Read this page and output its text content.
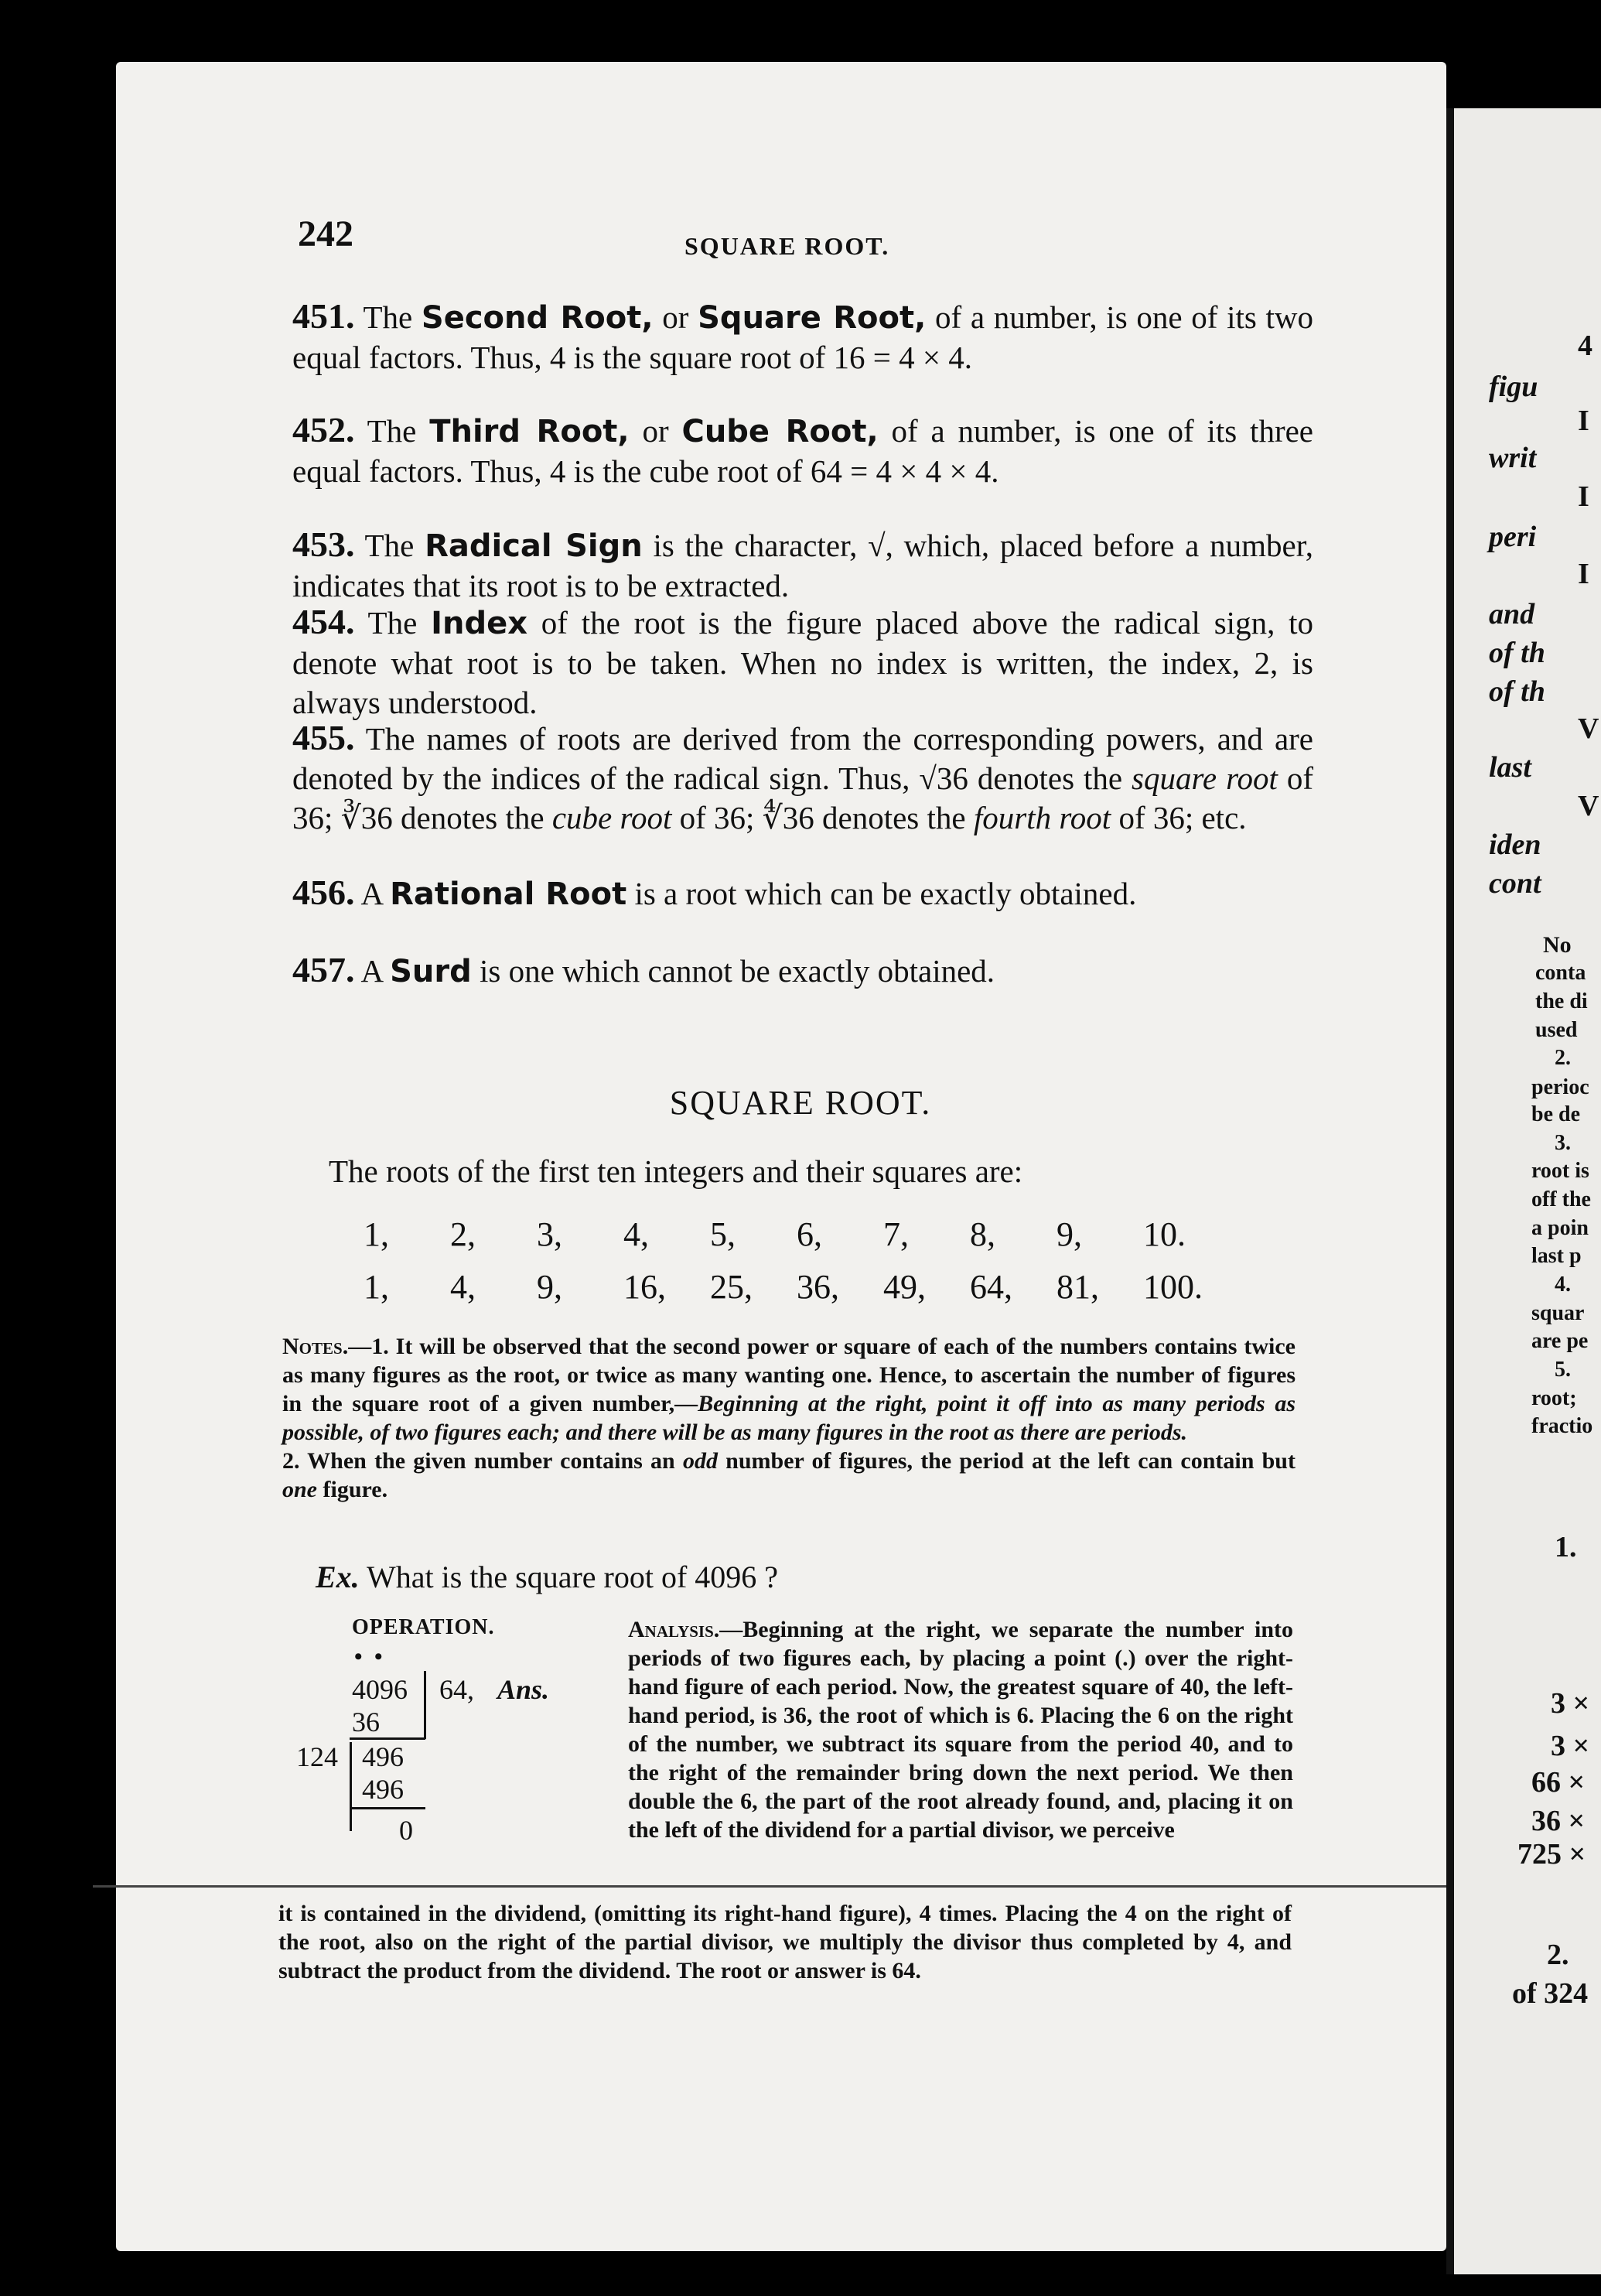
242	SQUARE ROOT.
451. The Second Root, or Square Root, of a number, is one of its two equal factors. Thus, 4 is the square root of 16 = 4 × 4.
452. The Third Root, or Cube Root, of a number, is one of its three equal factors. Thus, 4 is the cube root of 64 = 4 × 4 × 4.
453. The Radical Sign is the character, √, which, placed before a number, indicates that its root is to be extracted.
454. The Index of the root is the figure placed above the radical sign, to denote what root is to be taken. When no index is written, the index, 2, is always understood.
455. The names of roots are derived from the corresponding powers, and are denoted by the indices of the radical sign. Thus, √36 denotes the square root of 36; ∛36 denotes the cube root of 36; ∜36 denotes the fourth root of 36; etc.
456. A Rational Root is a root which can be exactly obtained.
457. A Surd is one which cannot be exactly obtained.
SQUARE ROOT.
The roots of the first ten integers and their squares are:
1, 2, 3, 4, 5, 6, 7, 8, 9, 10.
1, 4, 9, 16, 25, 36, 49, 64, 81, 100.
Notes.—1. It will be observed that the second power or square of each of the numbers contains twice as many figures as the root, or twice as many wanting one. Hence, to ascertain the number of figures in the square root of a given number,—Beginning at the right, point it off into as many periods as possible, of two figures each; and there will be as many figures in the root as there are periods.
2. When the given number contains an odd number of figures, the period at the left can contain but one figure.
Ex. What is the square root of 4096 ?
OPERATION.
• •
4096 64, Ans.
36
124 496
496
0
Analysis.—Beginning at the right, we separate the number into periods of two figures each, by placing a point (.) over the right-hand figure of each period. Now, the greatest square of 40, the left-hand period, is 36, the root of which is 6. Placing the 6 on the right of the number, we subtract its square from the period 40, and to the right of the remainder bring down the next period. We then double the 6, the part of the root already found, and, placing it on the left of the dividend for a partial divisor, we perceive
it is contained in the dividend, (omitting its right-hand figure), 4 times. Placing the 4 on the right of the root, also on the right of the partial divisor, we multiply the divisor thus completed by 4, and subtract the product from the dividend. The root or answer is 64.
4
figu
I
writ
I
peri
I
and
of th
of th
V
last
V
iden
cont
No
conta
the di
used
2.
perioc
be de
3.
root is
off the
a poin
last p
4.
squar
are pe
5.
root;
fractio
1.
3 ×
3 ×
66 ×
36 ×
725 ×
2.
of 324
